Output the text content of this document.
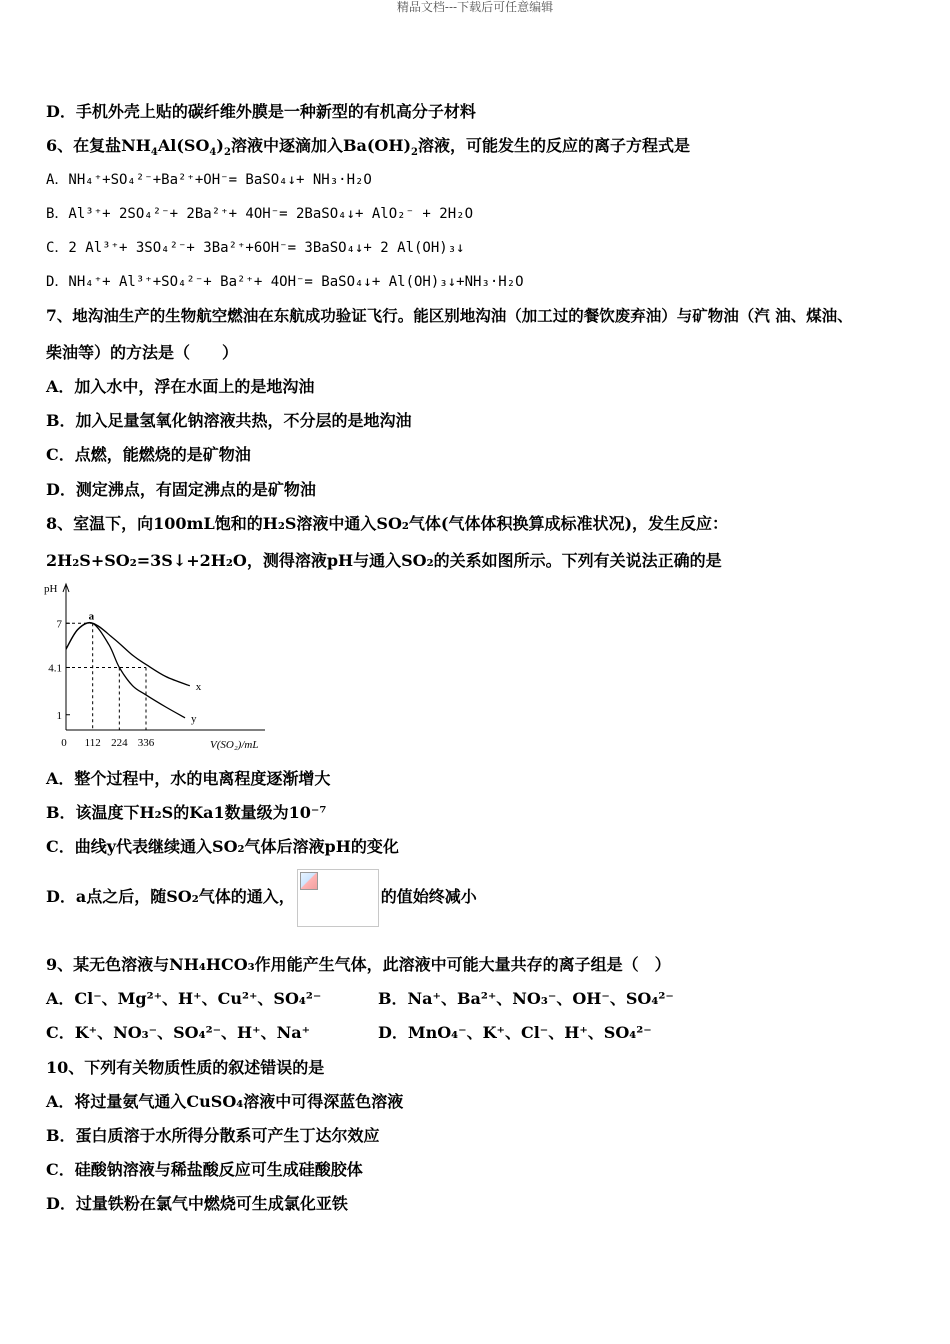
精品文档---下载后可任意编辑
D．手机外壳上贴的碳纤维外膜是一种新型的有机高分子材料
6、在复盐$NH_4Al(SO_4)_2$溶液中逐滴加入$Ba(OH)_2$溶液，可能发生的反应的离子方程式是
A．NH₄⁺+SO₄²⁻+Ba²⁺+OH⁻= BaSO₄↓+ NH₃·H₂O
B．Al³⁺+ 2SO₄²⁻+ 2Ba²⁺+ 4OH⁻= 2BaSO₄↓+ AlO₂⁻ + 2H₂O
C．2 Al³⁺+ 3SO₄²⁻+ 3Ba²⁺+6OH⁻= 3BaSO₄↓+ 2 Al(OH)₃↓
D．NH₄⁺+ Al³⁺+SO₄²⁻+ Ba²⁺+ 4OH⁻= BaSO₄↓+ Al(OH)₃↓+NH₃·H₂O
7、地沟油生产的生物航空燃油在东航成功验证飞行。能区别地沟油（加工过的餐饮废弃油）与矿物油（汽 油、煤油、
柴油等）的方法是（　　）
A．加入水中，浮在水面上的是地沟油
B．加入足量氢氧化钠溶液共热，不分层的是地沟油
C．点燃，能燃烧的是矿物油
D．测定沸点，有固定沸点的是矿物油
8、室温下，向100mL饱和的H₂S溶液中通入SO₂气体(气体体积换算成标准状况)，发生反应：
2H₂S+SO₂=3S↓+2H₂O，测得溶液pH与通入SO₂的关系如图所示。下列有关说法正确的是
1
4.1
7
0 112 224 336
x
y
a
pH
V(SO₂)/mL
A．整个过程中，水的电离程度逐渐增大
B．该温度下H₂S的Ka1数量级为10⁻⁷
C．曲线y代表继续通入SO₂气体后溶液pH的变化
D．a点之后，随SO₂气体的通入，	的值始终减小
9、某无色溶液与NH₄HCO₃作用能产生气体，此溶液中可能大量共存的离子组是（　）
A．Cl⁻、Mg²⁺、H⁺、Cu²⁺、SO₄²⁻	B．Na⁺、Ba²⁺、NO₃⁻、OH⁻、SO₄²⁻
C．K⁺、NO₃⁻、SO₄²⁻、H⁺、Na⁺	D．MnO₄⁻、K⁺、Cl⁻、H⁺、SO₄²⁻
10、下列有关物质性质的叙述错误的是
A．将过量氨气通入CuSO₄溶液中可得深蓝色溶液
B．蛋白质溶于水所得分散系可产生丁达尔效应
C．硅酸钠溶液与稀盐酸反应可生成硅酸胶体
D．过量铁粉在氯气中燃烧可生成氯化亚铁
